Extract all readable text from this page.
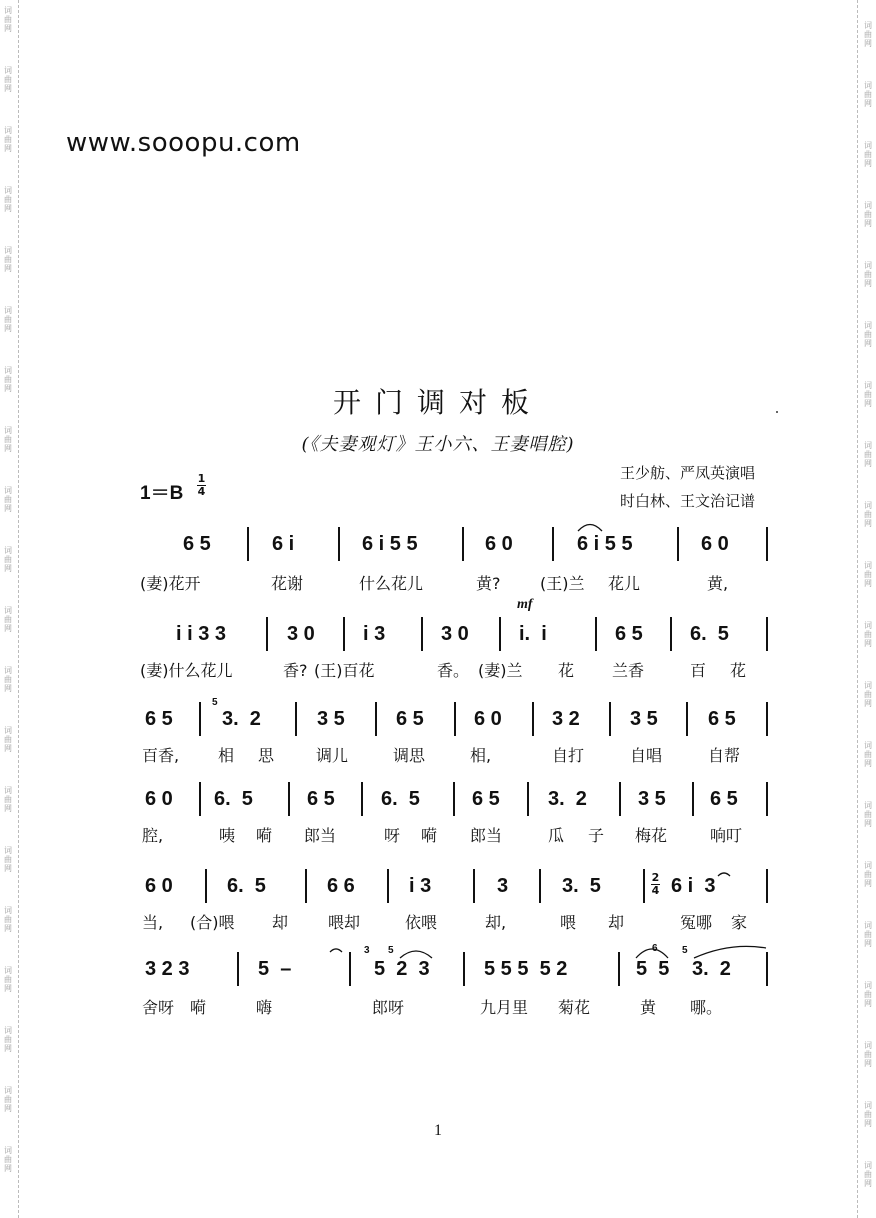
词
曲
网
词
曲
网
词
曲
网
词
曲
网
词
曲
网
词
曲
网
词
曲
网
词
曲
网
词
曲
网
词
曲
网
词
曲
网
词
曲
网
词
曲
网
词
曲
网
词
曲
网
词
曲
网
词
曲
网
词
曲
网
词
曲
网
词
曲
网
词
曲
网
词
曲
网
词
曲
网
词
曲
网
词
曲
网
词
曲
网
词
曲
网
词
曲
网
词
曲
网
词
曲
网
词
曲
网
词
曲
网
词
曲
网
词
曲
网
词
曲
网
词
曲
网
词
曲
网
词
曲
网
词
曲
网
词
曲
网
www.sooopu.com
开门调对板
(《夫妻观灯》王小六、王妻唱腔)
1＝B
1
4
王少舫、严凤英演唱
时白林、王文治记谱
6 5	6 i	6 i 5 5	6 0	6 i 5 5	6 0
(妻)花开	花谢	什么花儿	黄? (王)兰 花儿	黄,
mf
i i 3 3	3 0 i 3	3 0	i.  i	6 5 6.  5
(妻)什么花儿	香? (王)百花	香。 (妻)兰 花 兰香	百 花
6 5
5
3.  2	3 5	6 5	6 0	3 2	3 5	6 5
百香, 相 思	调儿	调思	相,	自打	自唱	自帮
6 0 6.  5	6 5 6.  5	6 5 3.  2	3 5 6 5
腔,	咦 嗬 郎当	呀 嗬 郎当	瓜 子 梅花	响叮
6 0	6.  5	6 6	i 3	3	3.  5	2
4 6 i  3
当, (合)喂 却 喂却	依喂	却,	喂 却	冤哪 家
3 2 3	5  –
3 5
5  2  3	5 5 5  5 2
6 5
5  5 3.  2
舍呀 嗬	嗨	郎呀	九月里 菊花	黄 哪。
1
